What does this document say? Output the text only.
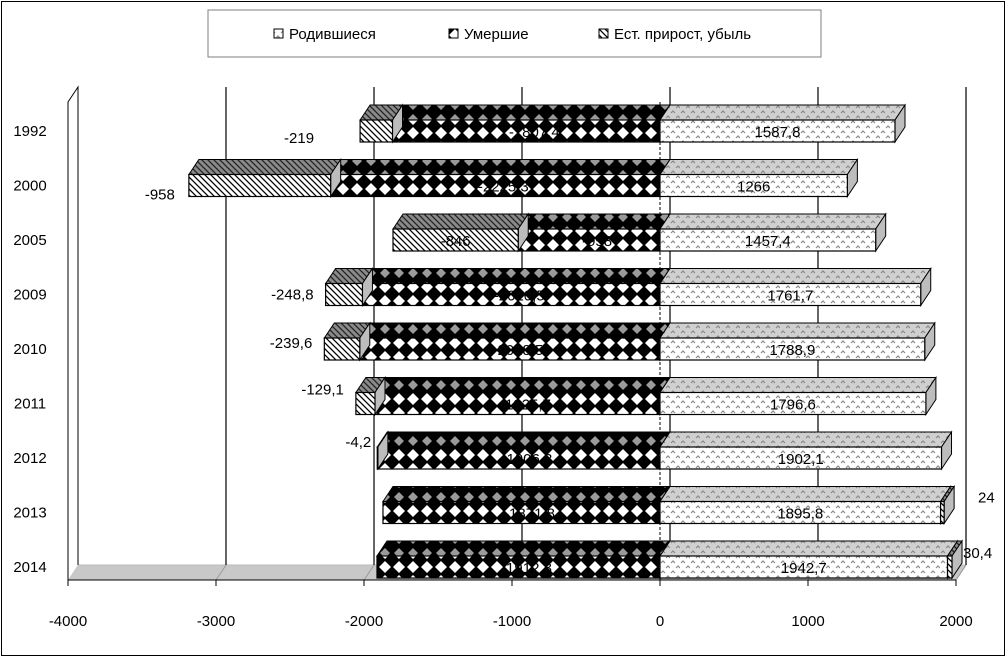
Родившиеся	Умершие	Ест. прирост, убыль
1587,8
-1807,4
-219
1266
-2225,3
-958
1457,4
-958
-846
1761,7
-2010,5
-248,8
1788,9
-2028,5
-239,6
1796,6
-1925,7
-129,1
1902,1
-1906,3
-4,2
1895,8
-1871,8
24
1942,7
-1912,3
30,4
1992
2000
2005
2009
2010
2011
2012
2013
2014
-4000	-3000	-2000	-1000	0	1000	2000
